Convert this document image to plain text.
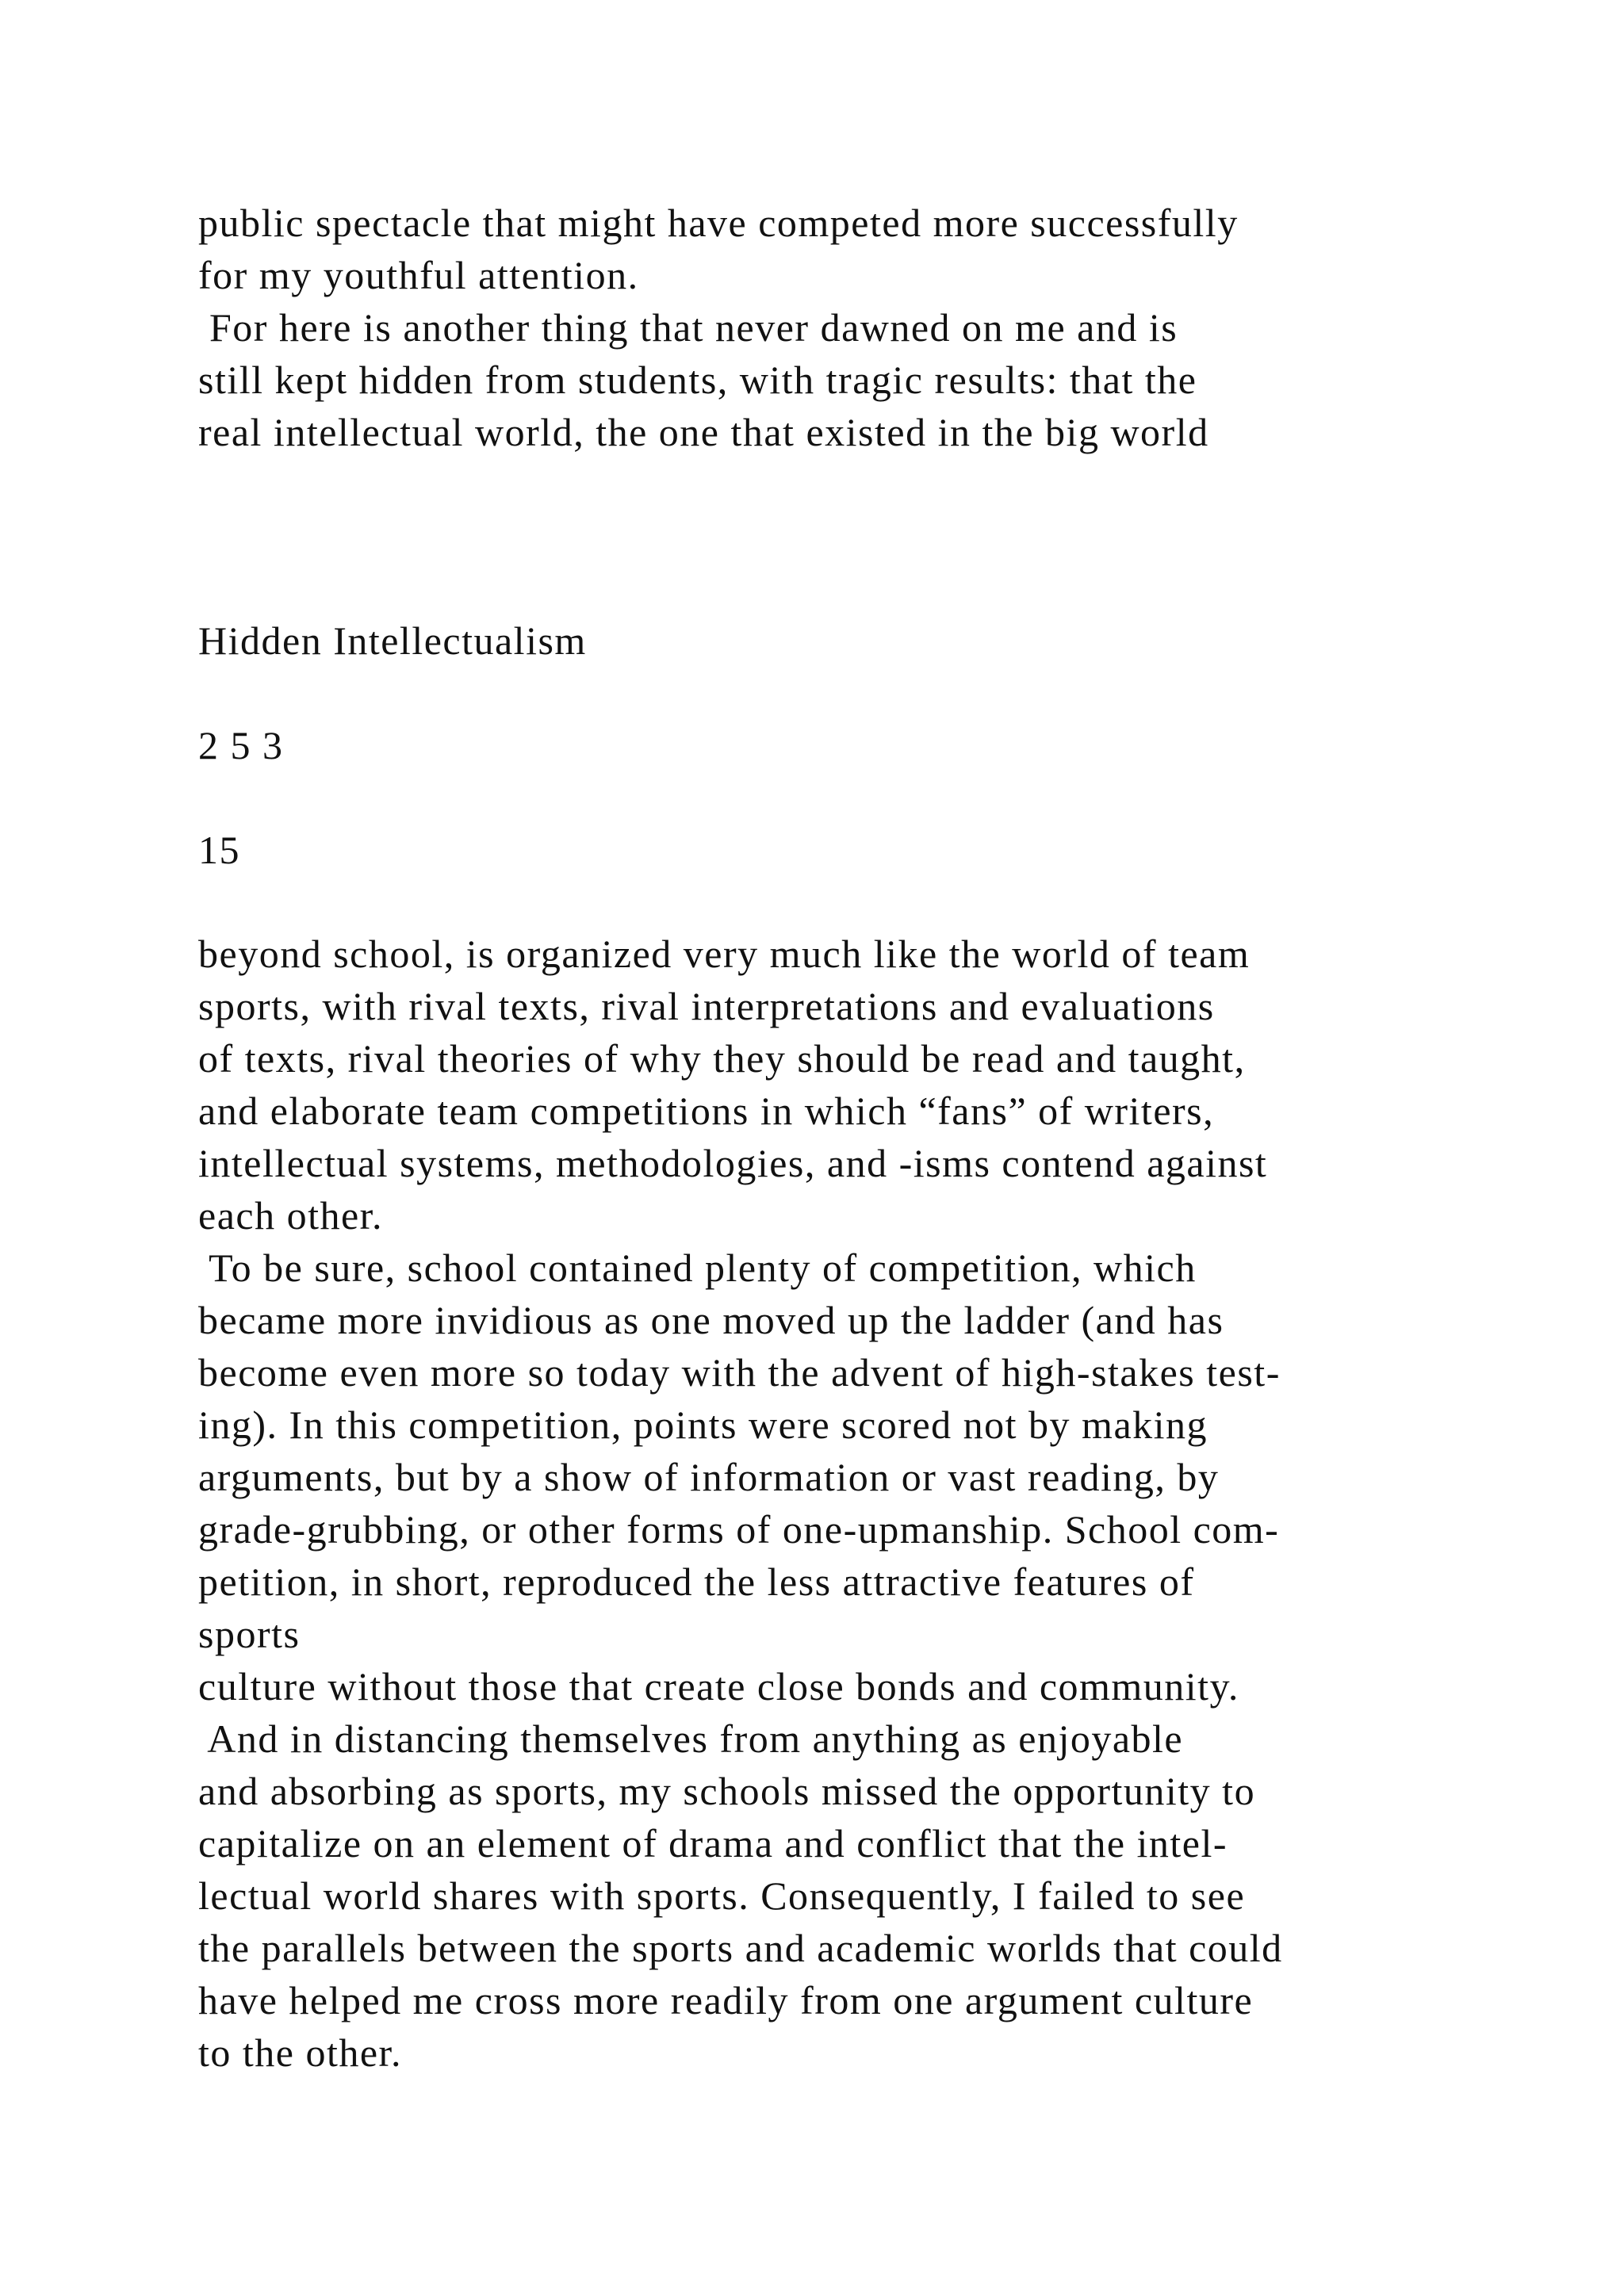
public spectacle that might have competed more successfully
for my youthful attention.
For here is another thing that never dawned on me and is
still kept hidden from students, with tragic results: that the
real intellectual world, the one that existed in the big world
Hidden Intellectualism
2 5 3
15
beyond school, is organized very much like the world of team
sports, with rival texts, rival interpretations and evaluations
of texts, rival theories of why they should be read and taught,
and elaborate team competitions in which “fans” of writers,
intellectual systems, methodologies, and -isms contend against
each other.
To be sure, school contained plenty of competition, which
became more invidious as one moved up the ladder (and has
become even more so today with the advent of high-stakes test-
ing). In this competition, points were scored not by making
arguments, but by a show of information or vast reading, by
grade-grubbing, or other forms of one-upmanship. School com-
petition, in short, reproduced the less attractive features of
sports
culture without those that create close bonds and community.
And in distancing themselves from anything as enjoyable
and absorbing as sports, my schools missed the opportunity to
capitalize on an element of drama and conflict that the intel-
lectual world shares with sports. Consequently, I failed to see
the parallels between the sports and academic worlds that could
have helped me cross more readily from one argument culture
to the other.
